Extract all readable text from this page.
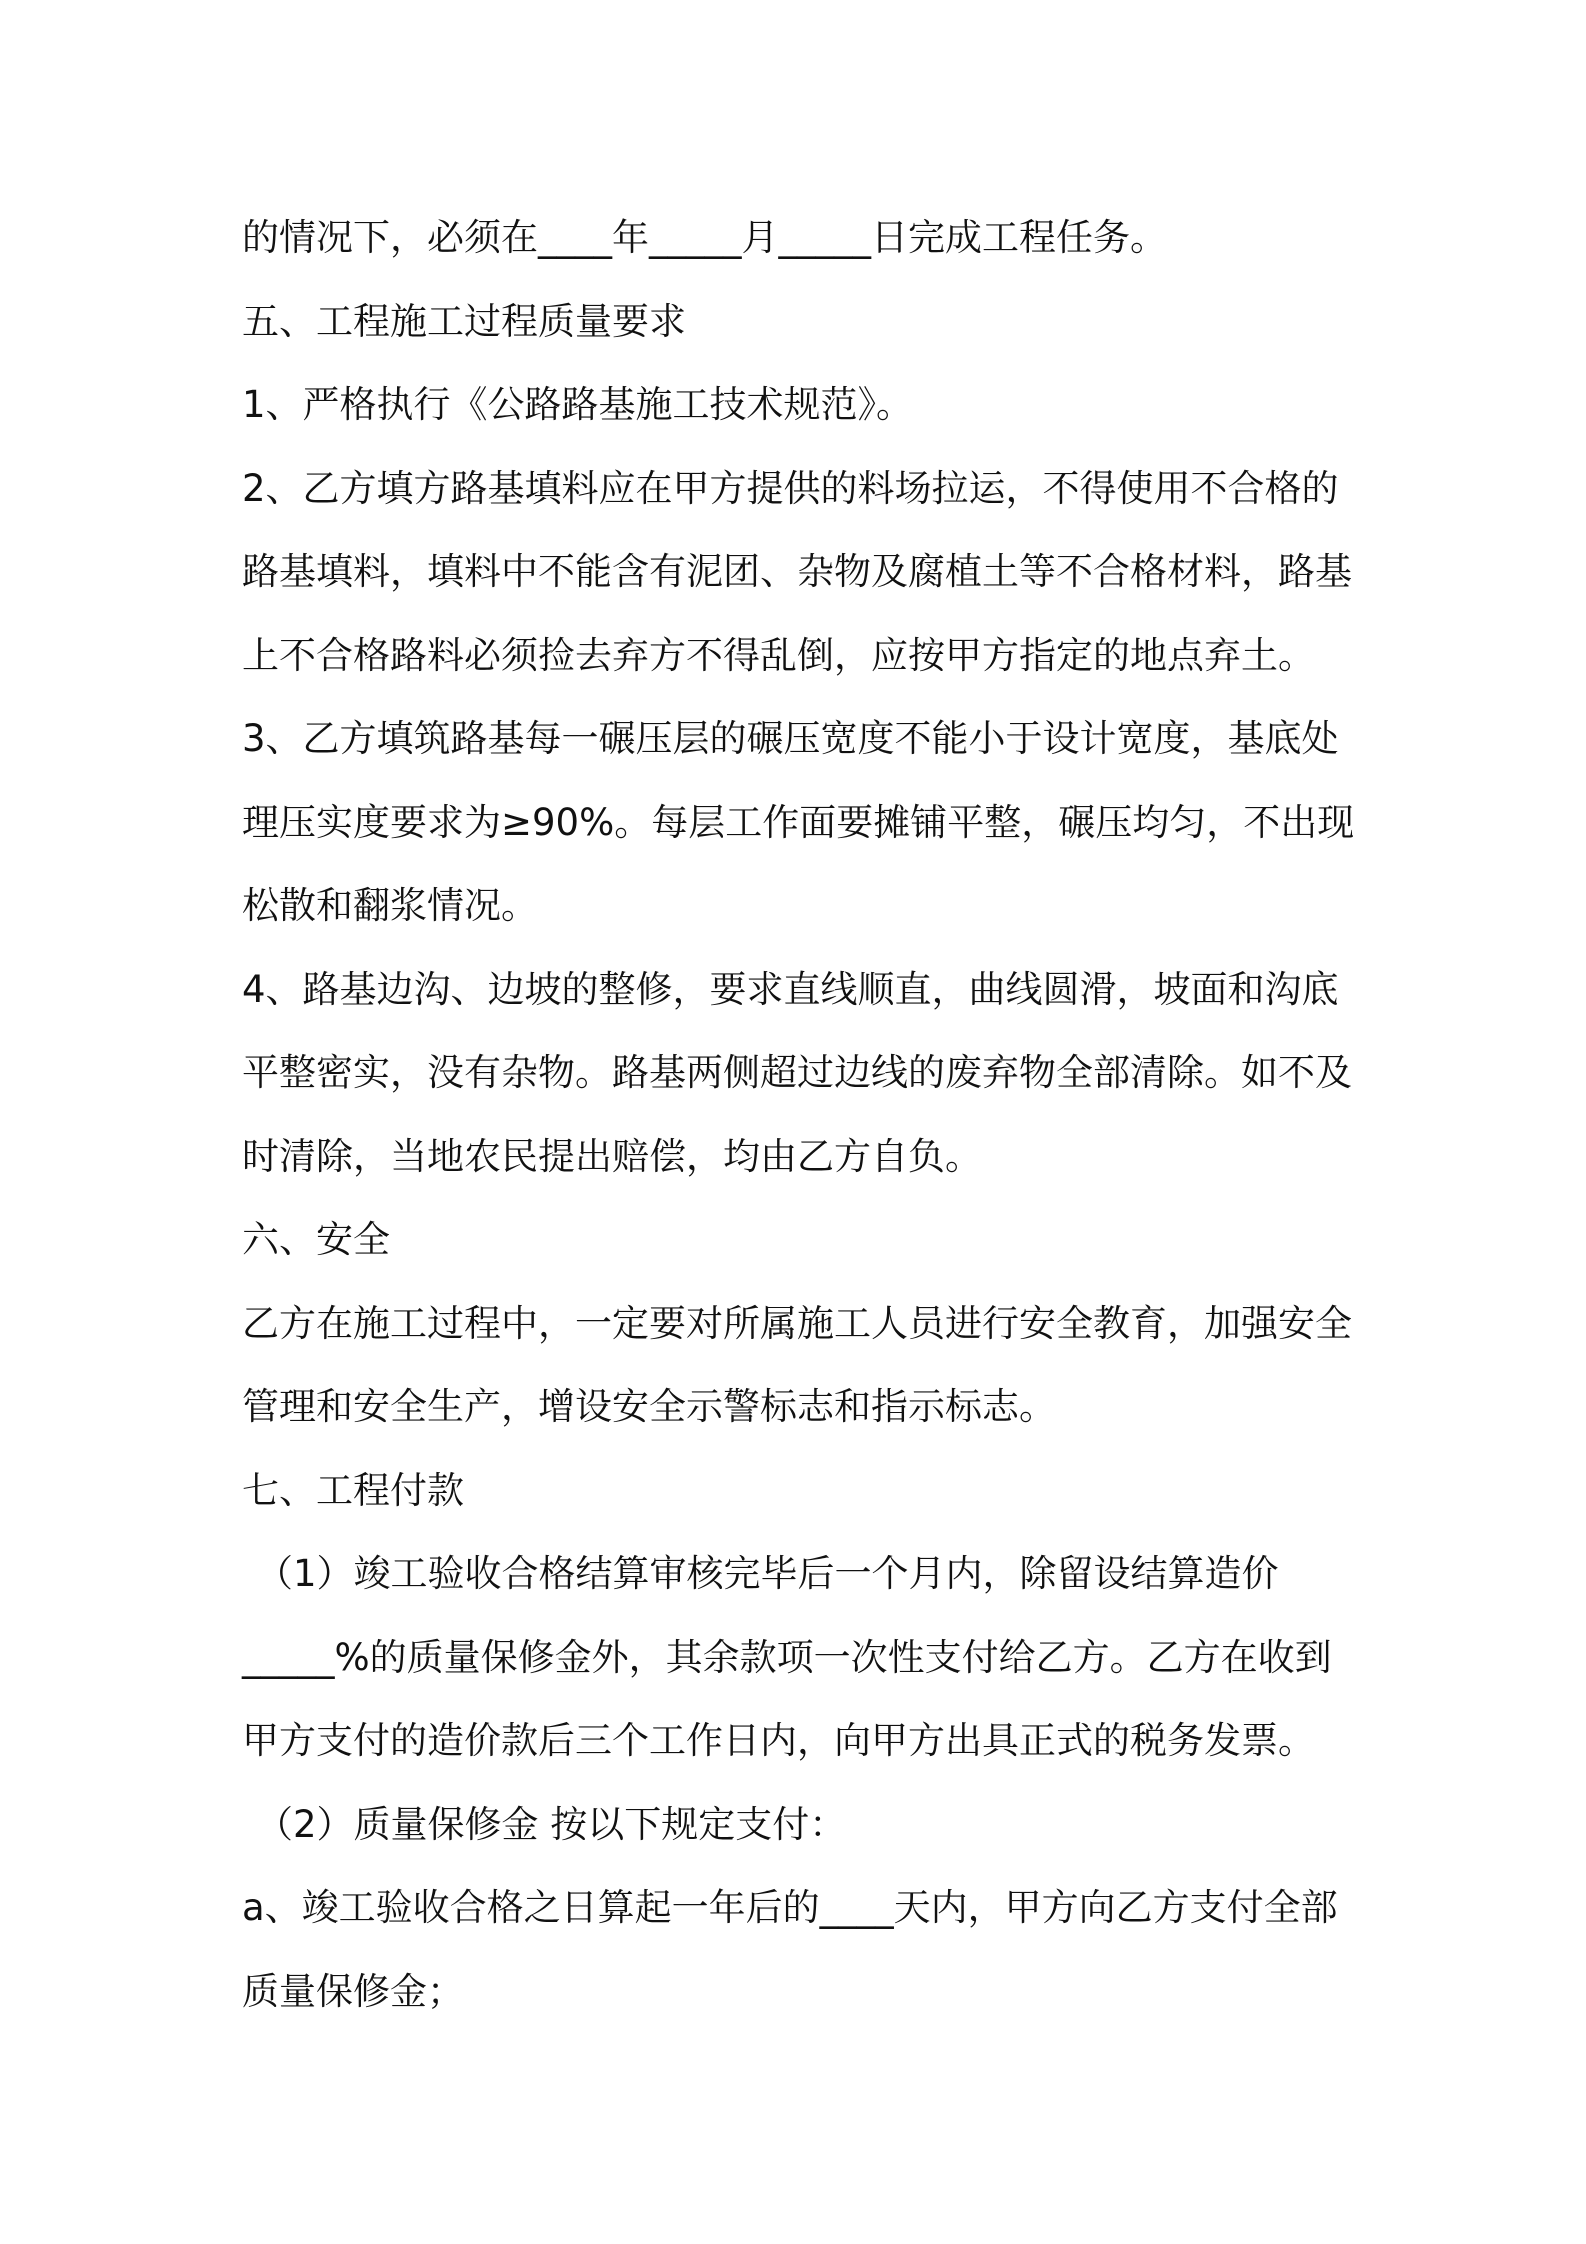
的情况下，必须在____年_____月_____日完成工程任务。
五、工程施工过程质量要求
1、严格执行《公路路基施工技术规范》。
2、乙方填方路基填料应在甲方提供的料场拉运，不得使用不合格的
路基填料，填料中不能含有泥团、杂物及腐植土等不合格材料，路基
上不合格路料必须捡去弃方不得乱倒，应按甲方指定的地点弃土。
3、乙方填筑路基每一碾压层的碾压宽度不能小于设计宽度，基底处
理压实度要求为≥90%。每层工作面要摊铺平整，碾压均匀，不出现
松散和翻浆情况。
4、路基边沟、边坡的整修，要求直线顺直，曲线圆滑，坡面和沟底
平整密实，没有杂物。路基两侧超过边线的废弃物全部清除。如不及
时清除，当地农民提出赔偿，均由乙方自负。
六、安全
乙方在施工过程中，一定要对所属施工人员进行安全教育，加强安全
管理和安全生产，增设安全示警标志和指示标志。
七、工程付款
（1）竣工验收合格结算审核完毕后一个月内，除留设结算造价
_____%的质量保修金外，其余款项一次性支付给乙方。乙方在收到
甲方支付的造价款后三个工作日内，向甲方出具正式的税务发票。
（2）质量保修金 按以下规定支付：
a、竣工验收合格之日算起一年后的____天内，甲方向乙方支付全部
质量保修金；
